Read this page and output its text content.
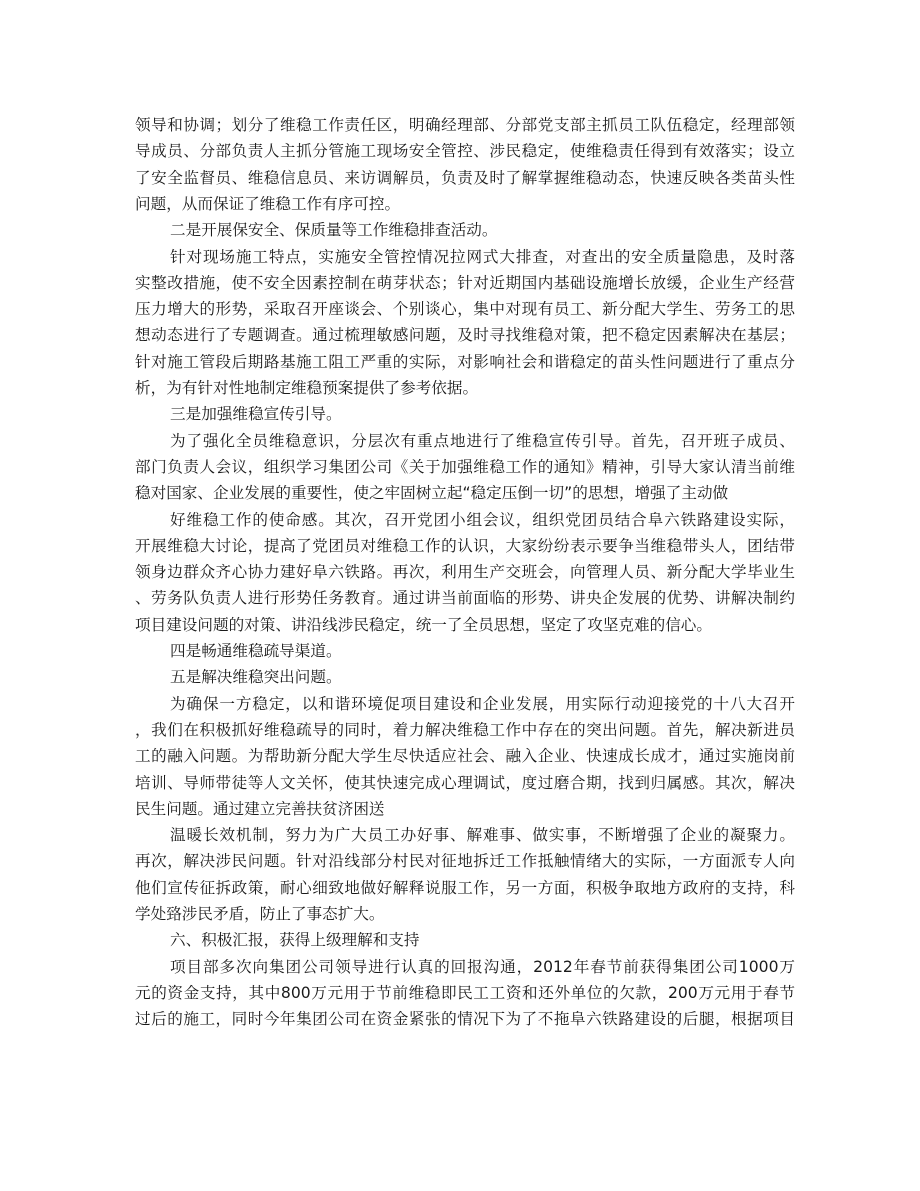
领导和协调；划分了维稳工作责任区，明确经理部、分部党支部主抓员工队伍稳定，经理部领
导成员、分部负责人主抓分管施工现场安全管控、涉民稳定，使维稳责任得到有效落实；设立
了安全监督员、维稳信息员、来访调解员，负责及时了解掌握维稳动态，快速反映各类苗头性
问题，从而保证了维稳工作有序可控。
二是开展保安全、保质量等工作维稳排查活动。
针对现场施工特点，实施安全管控情况拉网式大排查，对查出的安全质量隐患，及时落
实整改措施，使不安全因素控制在萌芽状态；针对近期国内基础设施增长放缓，企业生产经营
压力增大的形势，采取召开座谈会、个别谈心，集中对现有员工、新分配大学生、劳务工的思
想动态进行了专题调查。通过梳理敏感问题，及时寻找维稳对策，把不稳定因素解决在基层；
针对施工管段后期路基施工阻工严重的实际，对影响社会和谐稳定的苗头性问题进行了重点分
析，为有针对性地制定维稳预案提供了参考依据。
三是加强维稳宣传引导。
为了强化全员维稳意识，分层次有重点地进行了维稳宣传引导。首先，召开班子成员、
部门负责人会议，组织学习集团公司《关于加强维稳工作的通知》精神，引导大家认清当前维
稳对国家、企业发展的重要性，使之牢固树立起“稳定压倒一切”的思想，增强了主动做
好维稳工作的使命感。其次，召开党团小组会议，组织党团员结合阜六铁路建设实际，
开展维稳大讨论，提高了党团员对维稳工作的认识，大家纷纷表示要争当维稳带头人，团结带
领身边群众齐心协力建好阜六铁路。再次，利用生产交班会，向管理人员、新分配大学毕业生
、劳务队负责人进行形势任务教育。通过讲当前面临的形势、讲央企发展的优势、讲解决制约
项目建设问题的对策、讲沿线涉民稳定，统一了全员思想，坚定了攻坚克难的信心。
四是畅通维稳疏导渠道。
五是解决维稳突出问题。
为确保一方稳定，以和谐环境促项目建设和企业发展，用实际行动迎接党的十八大召开
，我们在积极抓好维稳疏导的同时，着力解决维稳工作中存在的突出问题。首先，解决新进员
工的融入问题。为帮助新分配大学生尽快适应社会、融入企业、快速成长成才，通过实施岗前
培训、导师带徒等人文关怀，使其快速完成心理调试，度过磨合期，找到归属感。其次，解决
民生问题。通过建立完善扶贫济困送
温暖长效机制，努力为广大员工办好事、解难事、做实事，不断增强了企业的凝聚力。
再次，解决涉民问题。针对沿线部分村民对征地拆迁工作抵触情绪大的实际，一方面派专人向
他们宣传征拆政策，耐心细致地做好解释说服工作，另一方面，积极争取地方政府的支持，科
学处臵涉民矛盾，防止了事态扩大。
六、积极汇报，获得上级理解和支持
项目部多次向集团公司领导进行认真的回报沟通，2012年春节前获得集团公司1000万
元的资金支持，其中800万元用于节前维稳即民工工资和还外单位的欠款，200万元用于春节
过后的施工，同时今年集团公司在资金紧张的情况下为了不拖阜六铁路建设的后腿，根据项目
